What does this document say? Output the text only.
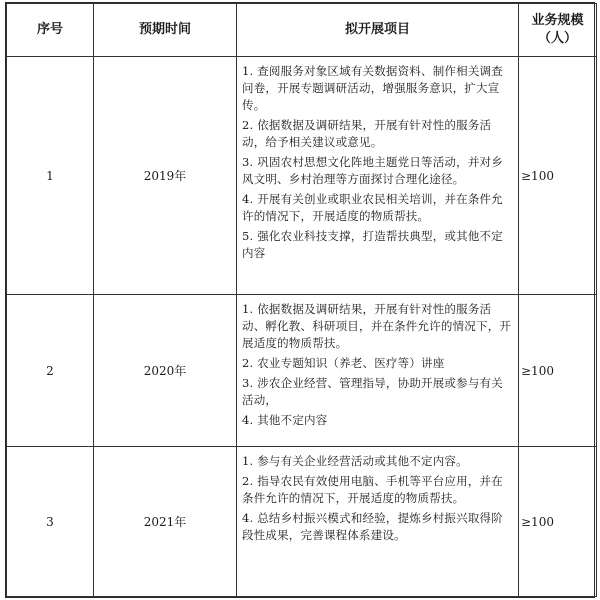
序号	预期时间	拟开展项目	业务规模
（人）

1	2019年	1. 查阅服务对象区域有关数据资料、制作相关调查问卷，开展专题调研活动，增强服务意识，扩大宣传。
2. 依据数据及调研结果，开展有针对性的服务活动，给予相关建议或意见。
3. 巩固农村思想文化阵地主题党日等活动，并对乡风文明、乡村治理等方面探讨合理化途径。
4. 开展有关创业或职业农民相关培训，并在条件允许的情况下，开展适度的物质帮扶。
5. 强化农业科技支撑，打造帮扶典型，或其他不定内容	≥100
2	2020年	1. 依据数据及调研结果，开展有针对性的服务活动、孵化教、科研项目，并在条件允许的情况下，开展适度的物质帮扶。
2. 农业专题知识（养老、医疗等）讲座
3. 涉农企业经营、管理指导，协助开展或参与有关活动，
4. 其他不定内容	≥100
3	2021年	1. 参与有关企业经营活动或其他不定内容。
2. 指导农民有效使用电脑、手机等平台应用，并在条件允许的情况下，开展适度的物质帮扶。
4. 总结乡村振兴模式和经验，提炼乡村振兴取得阶段性成果，完善课程体系建设。	≥100
